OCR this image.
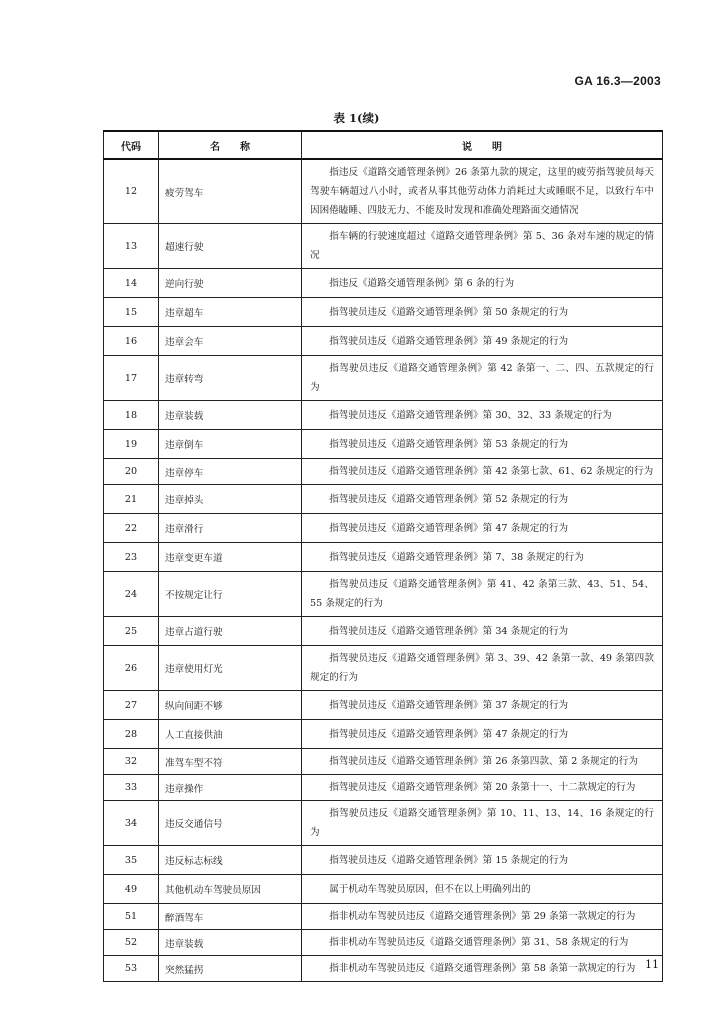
GA 16.3—2003
表 1(续)
代码	名　　称	说　　明
12	疲劳驾车	指违反《道路交通管理条例》26 条第九款的规定，这里的疲劳指驾驶员每天驾驶车辆超过八小时，或者从事其他劳动体力消耗过大或睡眠不足，以致行车中因困倦瞌睡、四肢无力、不能及时发现和准确处理路面交通情况
13	超速行驶	指车辆的行驶速度超过《道路交通管理条例》第 5、36 条对车速的规定的情况
14	逆向行驶	指违反《道路交通管理条例》第 6 条的行为
15	违章超车	指驾驶员违反《道路交通管理条例》第 50 条规定的行为
16	违章会车	指驾驶员违反《道路交通管理条例》第 49 条规定的行为
17	违章转弯	指驾驶员违反《道路交通管理条例》第 42 条第一、二、四、五款规定的行为
18	违章装载	指驾驶员违反《道路交通管理条例》第 30、32、33 条规定的行为
19	违章倒车	指驾驶员违反《道路交通管理条例》第 53 条规定的行为
20	违章停车	指驾驶员违反《道路交通管理条例》第 42 条第七款、61、62 条规定的行为
21	违章掉头	指驾驶员违反《道路交通管理条例》第 52 条规定的行为
22	违章滑行	指驾驶员违反《道路交通管理条例》第 47 条规定的行为
23	违章变更车道	指驾驶员违反《道路交通管理条例》第 7、38 条规定的行为
24	不按规定让行	指驾驶员违反《道路交通管理条例》第 41、42 条第三款、43、51、54、55 条规定的行为
25	违章占道行驶	指驾驶员违反《道路交通管理条例》第 34 条规定的行为
26	违章使用灯光	指驾驶员违反《道路交通管理条例》第 3、39、42 条第一款、49 条第四款规定的行为
27	纵向间距不够	指驾驶员违反《道路交通管理条例》第 37 条规定的行为
28	人工直接供油	指驾驶员违反《道路交通管理条例》第 47 条规定的行为
32	准驾车型不符	指驾驶员违反《道路交通管理条例》第 26 条第四款、第 2 条规定的行为
33	违章操作	指驾驶员违反《道路交通管理条例》第 20 条第十一、十二款规定的行为
34	违反交通信号	指驾驶员违反《道路交通管理条例》第 10、11、13、14、16 条规定的行为
35	违反标志标线	指驾驶员违反《道路交通管理条例》第 15 条规定的行为
49	其他机动车驾驶员原因	属于机动车驾驶员原因，但不在以上明确列出的
51	醉酒驾车	指非机动车驾驶员违反《道路交通管理条例》第 29 条第一款规定的行为
52	违章装载	指非机动车驾驶员违反《道路交通管理条例》第 31、58 条规定的行为
53	突然猛拐	指非机动车驾驶员违反《道路交通管理条例》第 58 条第一款规定的行为 11
